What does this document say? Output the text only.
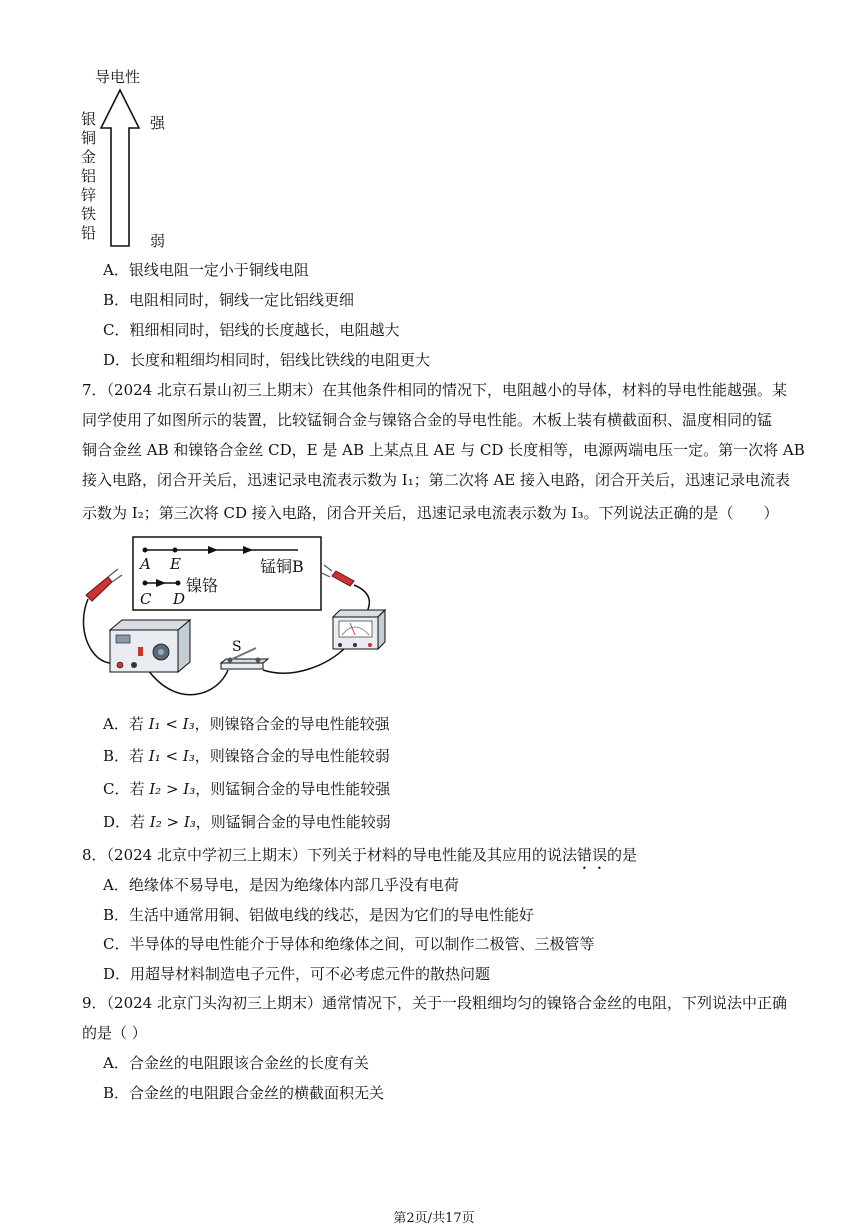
导电性
强
弱
银
铜
金
铝
锌
铁
铅
A．银线电阻一定小于铜线电阻
B．电阻相同时，铜线一定比铝线更细
C．粗细相同时，铝线的长度越长，电阻越大
D．长度和粗细均相同时，铝线比铁线的电阻更大
7．（2024 北京石景山初三上期末）在其他条件相同的情况下，电阻越小的导体，材料的导电性能越强。某
同学使用了如图所示的装置，比较锰铜合金与镍铬合金的导电性能。木板上装有横截面积、温度相同的锰
铜合金丝 AB 和镍铬合金丝 CD，E 是 AB 上某点且 AE 与 CD 长度相等，电源两端电压一定。第一次将 AB
接入电路，闭合开关后，迅速记录电流表示数为 I₁；第二次将 AE 接入电路，闭合开关后，迅速记录电流表
示数为 I₂；第三次将 CD 接入电路，闭合开关后，迅速记录电流表示数为 I₃。下列说法正确的是（　　）
A E	锰铜B
C D
镍铬
S
A．若 I₁ < I₃，则镍铬合金的导电性能较强
B．若 I₁ < I₃，则镍铬合金的导电性能较弱
C．若 I₂ > I₃，则锰铜合金的导电性能较强
D．若 I₂ > I₃，则锰铜合金的导电性能较弱
8．（2024 北京中学初三上期末）下列关于材料的导电性能及其应用的说法错误的是
A．绝缘体不易导电，是因为绝缘体内部几乎没有电荷
B．生活中通常用铜、铝做电线的线芯，是因为它们的导电性能好
C．半导体的导电性能介于导体和绝缘体之间，可以制作二极管、三极管等
D．用超导材料制造电子元件，可不必考虑元件的散热问题
9．（2024 北京门头沟初三上期末）通常情况下，关于一段粗细均匀的镍铬合金丝的电阻，下列说法中正确
的是（ ）
A．合金丝的电阻跟该合金丝的长度有关
B．合金丝的电阻跟合金丝的横截面积无关
第2页/共17页
